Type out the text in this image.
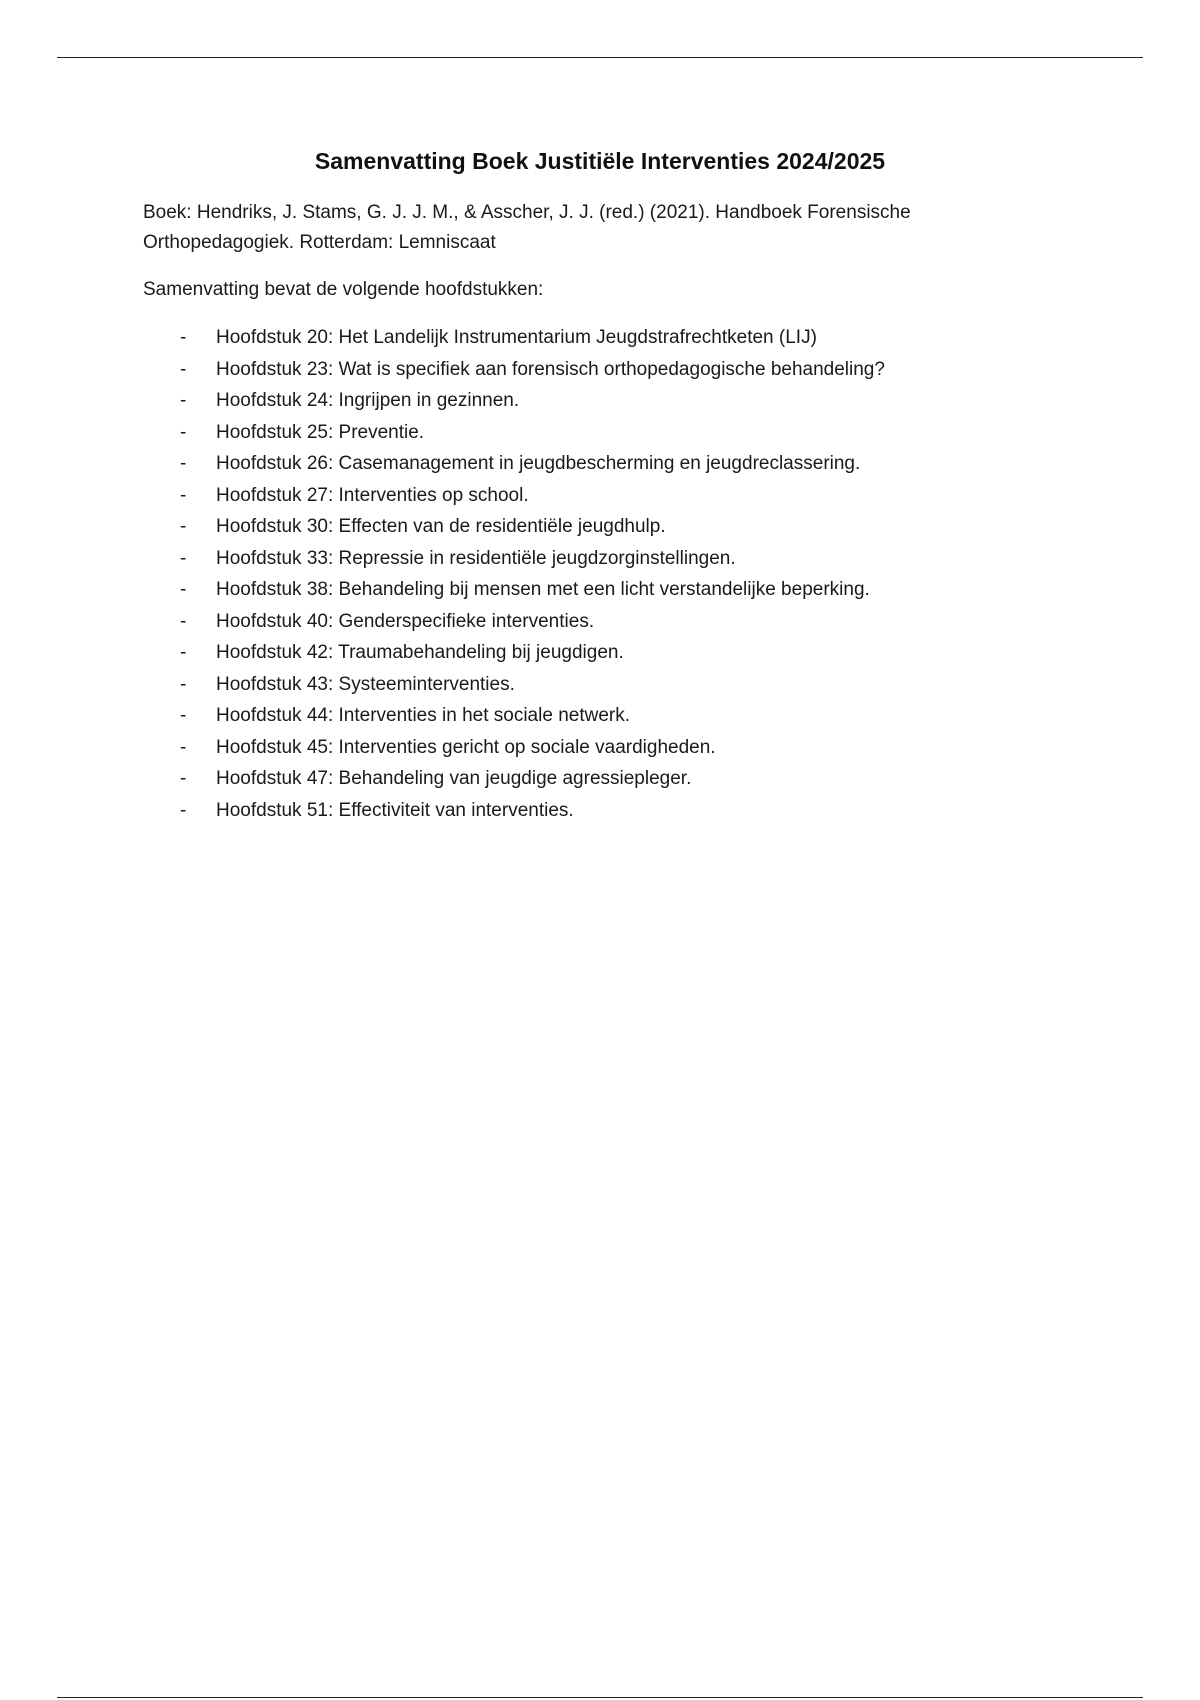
Samenvatting Boek Justitiële Interventies 2024/2025

Boek: Hendriks, J. Stams, G. J. J. M., & Asscher, J. J. (red.) (2021). Handboek Forensische Orthopedagogiek. Rotterdam: Lemniscaat

Samenvatting bevat de volgende hoofdstukken:

- Hoofdstuk 20: Het Landelijk Instrumentarium Jeugdstrafrechtketen (LIJ)
- Hoofdstuk 23: Wat is specifiek aan forensisch orthopedagogische behandeling?
- Hoofdstuk 24: Ingrijpen in gezinnen.
- Hoofdstuk 25: Preventie.
- Hoofdstuk 26: Casemanagement in jeugdbescherming en jeugdreclassering.
- Hoofdstuk 27: Interventies op school.
- Hoofdstuk 30: Effecten van de residentiële jeugdhulp.
- Hoofdstuk 33: Repressie in residentiële jeugdzorginstellingen.
- Hoofdstuk 38: Behandeling bij mensen met een licht verstandelijke beperking.
- Hoofdstuk 40: Genderspecifieke interventies.
- Hoofdstuk 42: Traumabehandeling bij jeugdigen.
- Hoofdstuk 43: Systeeminterventies.
- Hoofdstuk 44: Interventies in het sociale netwerk.
- Hoofdstuk 45: Interventies gericht op sociale vaardigheden.
- Hoofdstuk 47: Behandeling van jeugdige agressiepleger.
- Hoofdstuk 51: Effectiviteit van interventies.
